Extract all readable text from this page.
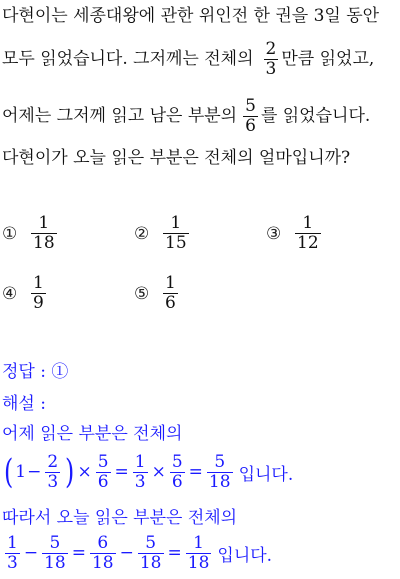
다현이는 세종대왕에 관한 위인전 한 권을 3일 동안
모두 읽었습니다. 그저께는 전체의 $\frac{2}{3}$ 만큼 읽었고,
어제는 그저께 읽고 남은 부분의 $\frac{5}{6}$ 를 읽었습니다.
다현이가 오늘 읽은 부분은 전체의 얼마입니까?
① $\frac{1}{18}$	② $\frac{1}{15}$	③ $\frac{1}{12}$
④ $\frac{1}{9}$	⑤ $\frac{1}{6}$
정답 : ①
해설 :
어제 읽은 부분은 전체의
( $1 - \frac{2}{3}$ ) × $\frac{5}{6} = \frac{1}{3} \times \frac{5}{6} = \frac{5}{18}$ 입니다.
따라서 오늘 읽은 부분은 전체의
$\frac{1}{3} - \frac{5}{18} = \frac{6}{18} - \frac{5}{18} = \frac{1}{18}$ 입니다.
